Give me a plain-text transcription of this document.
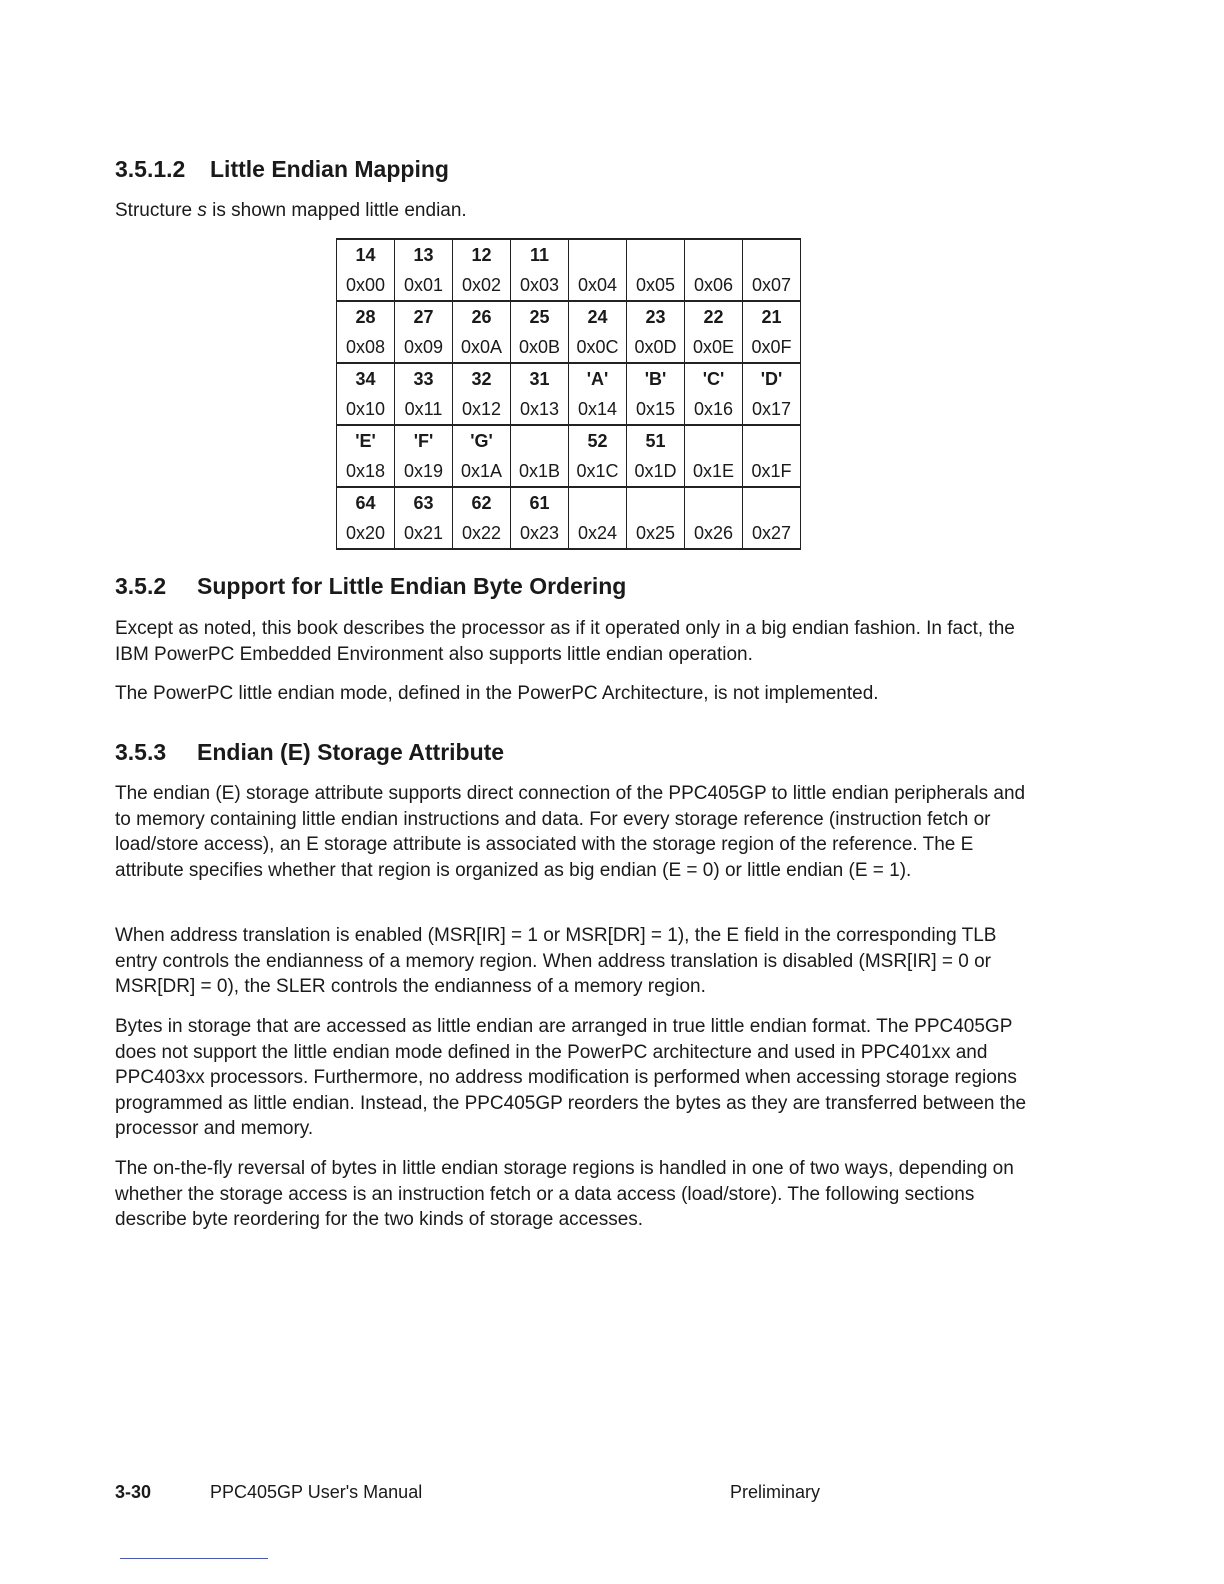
3.5.1.2 Little Endian Mapping

Structure s is shown mapped little endian.

14	13	12	11				
0x00	0x01	0x02	0x03	0x04	0x05	0x06	0x07
28	27	26	25	24	23	22	21
0x08	0x09	0x0A	0x0B	0x0C	0x0D	0x0E	0x0F
34	33	32	31	'A'	'B'	'C'	'D'
0x10	0x11	0x12	0x13	0x14	0x15	0x16	0x17
'E'	'F'	'G'		52	51		
0x18	0x19	0x1A	0x1B	0x1C	0x1D	0x1E	0x1F
64	63	62	61				
0x20	0x21	0x22	0x23	0x24	0x25	0x26	0x27
3.5.2 Support for Little Endian Byte Ordering

Except as noted, this book describes the processor as if it operated only in a big endian fashion. In fact, the IBM PowerPC Embedded Environment also supports little endian operation.

The PowerPC little endian mode, defined in the PowerPC Architecture, is not implemented.

3.5.3 Endian (E) Storage Attribute

The endian (E) storage attribute supports direct connection of the PPC405GP to little endian peripherals and to memory containing little endian instructions and data. For every storage reference (instruction fetch or load/store access), an E storage attribute is associated with the storage region of the reference. The E attribute specifies whether that region is organized as big endian (E = 0) or little endian (E = 1).

When address translation is enabled (MSR[IR] = 1 or MSR[DR] = 1), the E field in the corresponding TLB entry controls the endianness of a memory region. When address translation is disabled (MSR[IR] = 0 or MSR[DR] = 0), the SLER controls the endianness of a memory region.

Bytes in storage that are accessed as little endian are arranged in true little endian format. The PPC405GP does not support the little endian mode defined in the PowerPC architecture and used in PPC401xx and PPC403xx processors. Furthermore, no address modification is performed when accessing storage regions programmed as little endian. Instead, the PPC405GP reorders the bytes as they are transferred between the processor and memory.

The on-the-fly reversal of bytes in little endian storage regions is handled in one of two ways, depending on whether the storage access is an instruction fetch or a data access (load/store). The following sections describe byte reordering for the two kinds of storage accesses.

3-30	PPC405GP User's Manual	Preliminary
